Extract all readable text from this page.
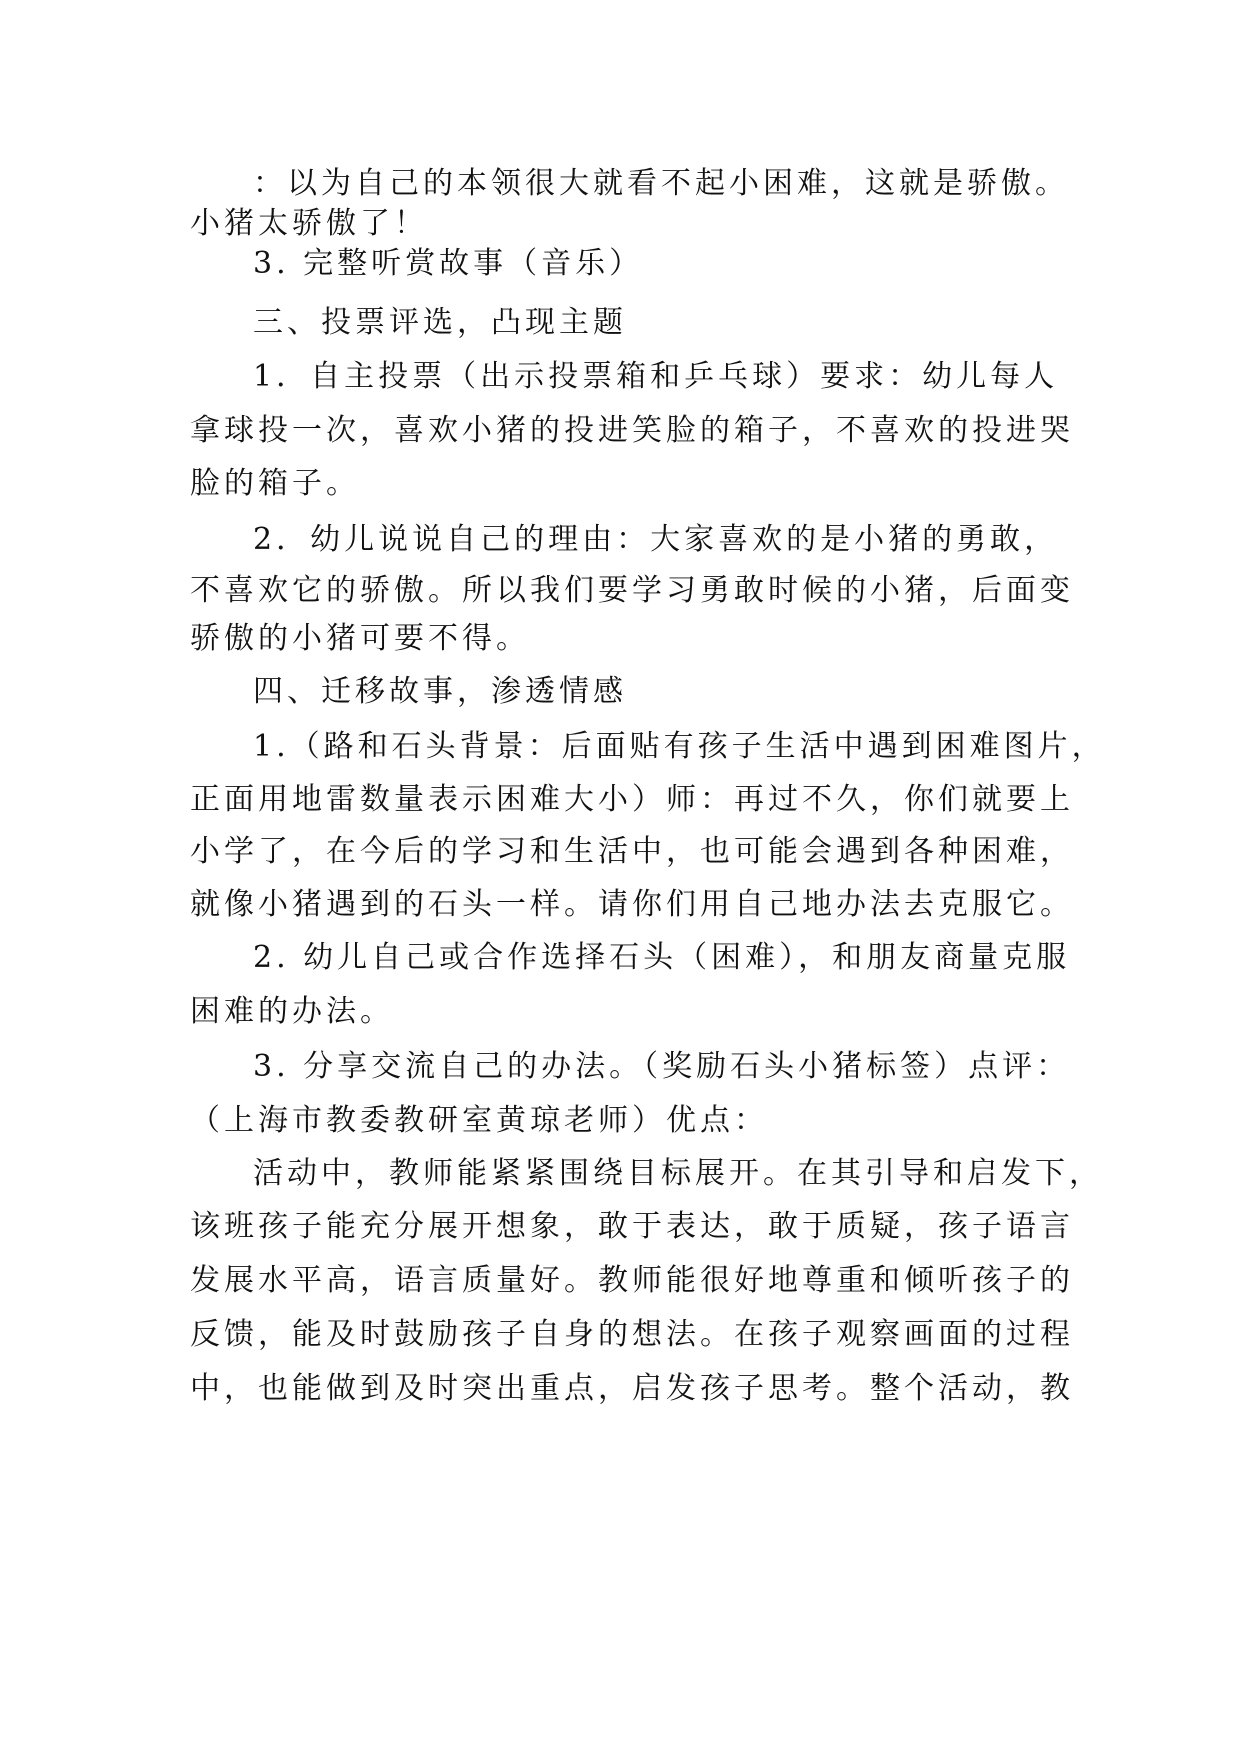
：以为自己的本领很大就看不起小困难，这就是骄傲。
小猪太骄傲了！
3. 完整听赏故事（音乐）
三、投票评选，凸现主题
1．自主投票（出示投票箱和乒乓球）要求：幼儿每人
拿球投一次，喜欢小猪的投进笑脸的箱子，不喜欢的投进哭
脸的箱子。
2．幼儿说说自己的理由：大家喜欢的是小猪的勇敢，
不喜欢它的骄傲。所以我们要学习勇敢时候的小猪，后面变
骄傲的小猪可要不得。
四、迁移故事，渗透情感
1.（路和石头背景：后面贴有孩子生活中遇到困难图片，
正面用地雷数量表示困难大小）师：再过不久，你们就要上
小学了，在今后的学习和生活中，也可能会遇到各种困难，
就像小猪遇到的石头一样。请你们用自己地办法去克服它。
2. 幼儿自己或合作选择石头（困难），和朋友商量克服
困难的办法。
3. 分享交流自己的办法。（奖励石头小猪标签）点评：
（上海市教委教研室黄琼老师）优点：
活动中，教师能紧紧围绕目标展开。在其引导和启发下，
该班孩子能充分展开想象，敢于表达，敢于质疑，孩子语言
发展水平高，语言质量好。教师能很好地尊重和倾听孩子的
反馈，能及时鼓励孩子自身的想法。在孩子观察画面的过程
中，也能做到及时突出重点，启发孩子思考。整个活动，教
